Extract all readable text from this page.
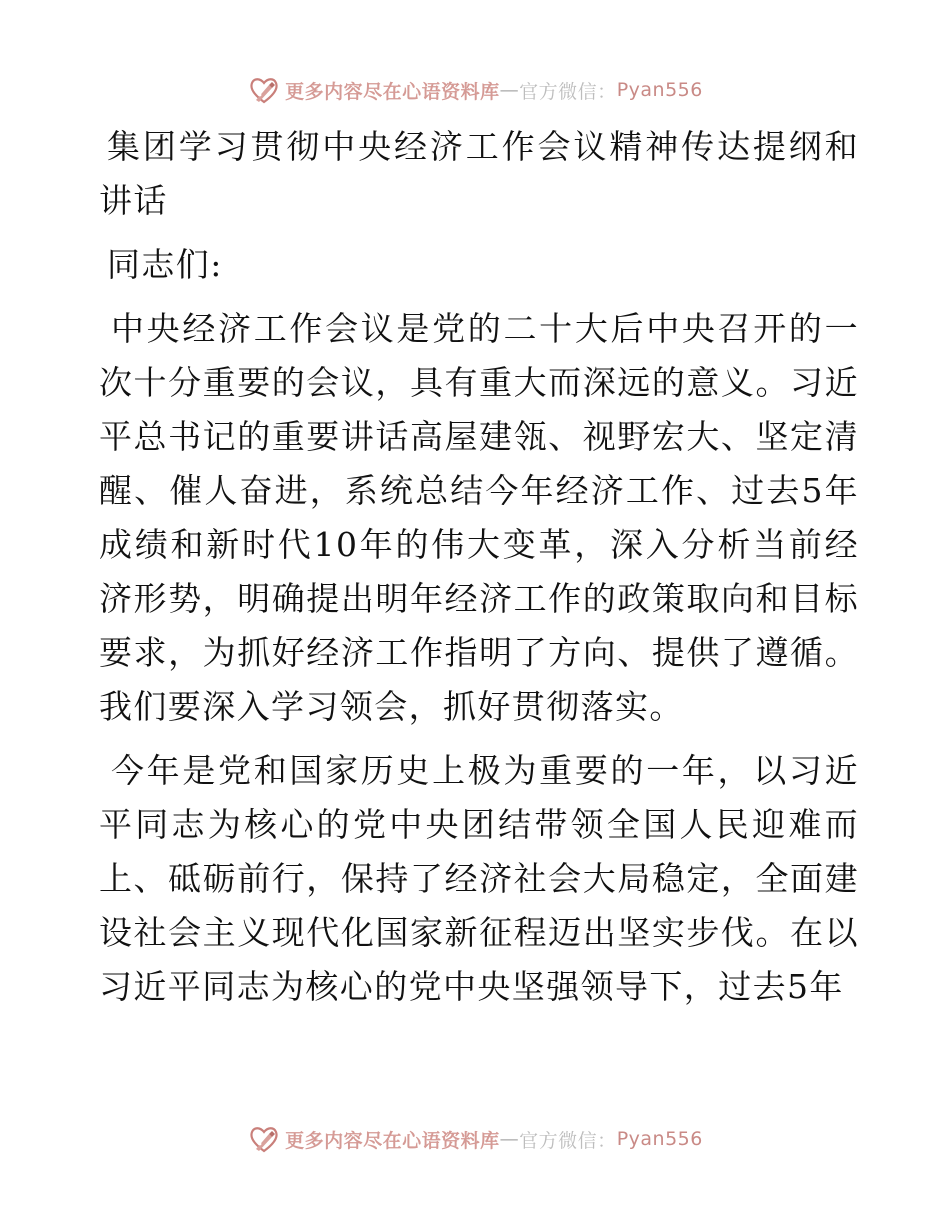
更多内容尽在心语资料库 — 官方微信 ： Pyan556

集团学习贯彻中央经济工作会议精神传达提纲和讲话

同志们:

中央经济工作会议是党的二十大后中央召开的一次十分重要的会议，具有重大而深远的意义。习近平总书记的重要讲话高屋建瓴、视野宏大、坚定清醒、催人奋进，系统总结今年经济工作、过去5年成绩和新时代10年的伟大变革，深入分析当前经济形势，明确提出明年经济工作的政策取向和目标要求，为抓好经济工作指明了方向、提供了遵循。我们要深入学习领会，抓好贯彻落实。

今年是党和国家历史上极为重要的一年，以习近平同志为核心的党中央团结带领全国人民迎难而上、砥砺前行，保持了经济社会大局稳定，全面建设社会主义现代化国家新征程迈出坚实步伐。在以习近平同志为核心的党中央坚强领导下，过去5年

更多内容尽在心语资料库 — 官方微信 ： Pyan556
